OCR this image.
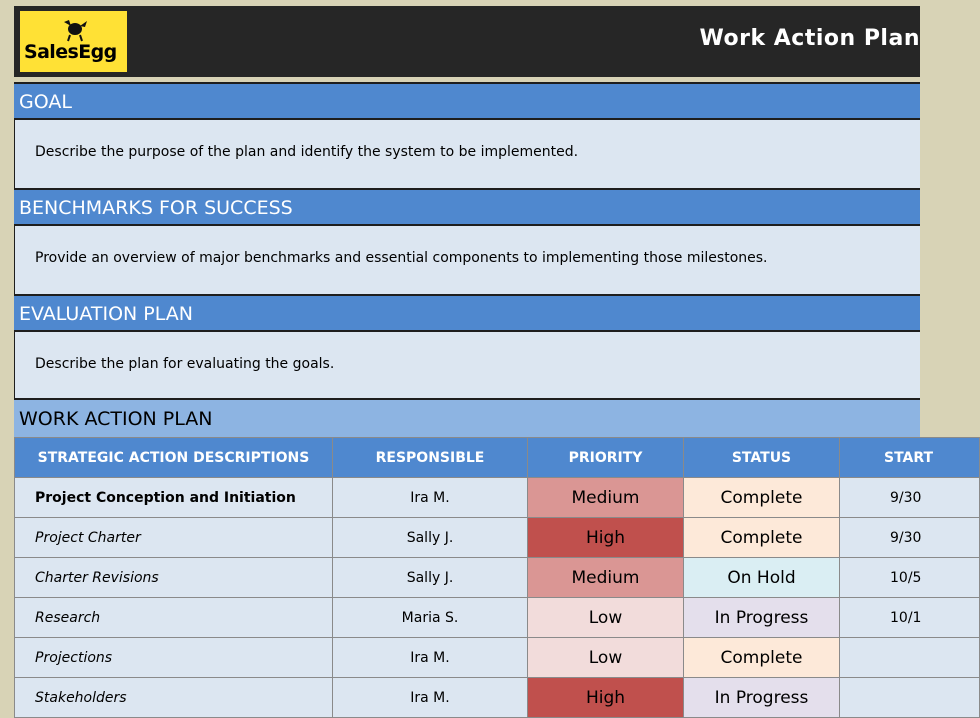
SalesEgg
Work Action Plan
GOAL
Describe the purpose of the plan and identify the system to be implemented.
BENCHMARKS FOR SUCCESS
Provide an overview of major benchmarks and essential components to implementing those milestones.
EVALUATION PLAN
Describe the plan for evaluating the goals.
WORK ACTION PLAN
STRATEGIC ACTION DESCRIPTIONS	RESPONSIBLE	PRIORITY	STATUS	START
Project Conception and Initiation	Ira M.	Medium	Complete	9/30
Project Charter	Sally J.	High	Complete	9/30
Charter Revisions	Sally J.	Medium	On Hold	10/5
Research	Maria S.	Low	In Progress	10/1
Projections	Ira M.	Low	Complete	
Stakeholders	Ira M.	High	In Progress	
